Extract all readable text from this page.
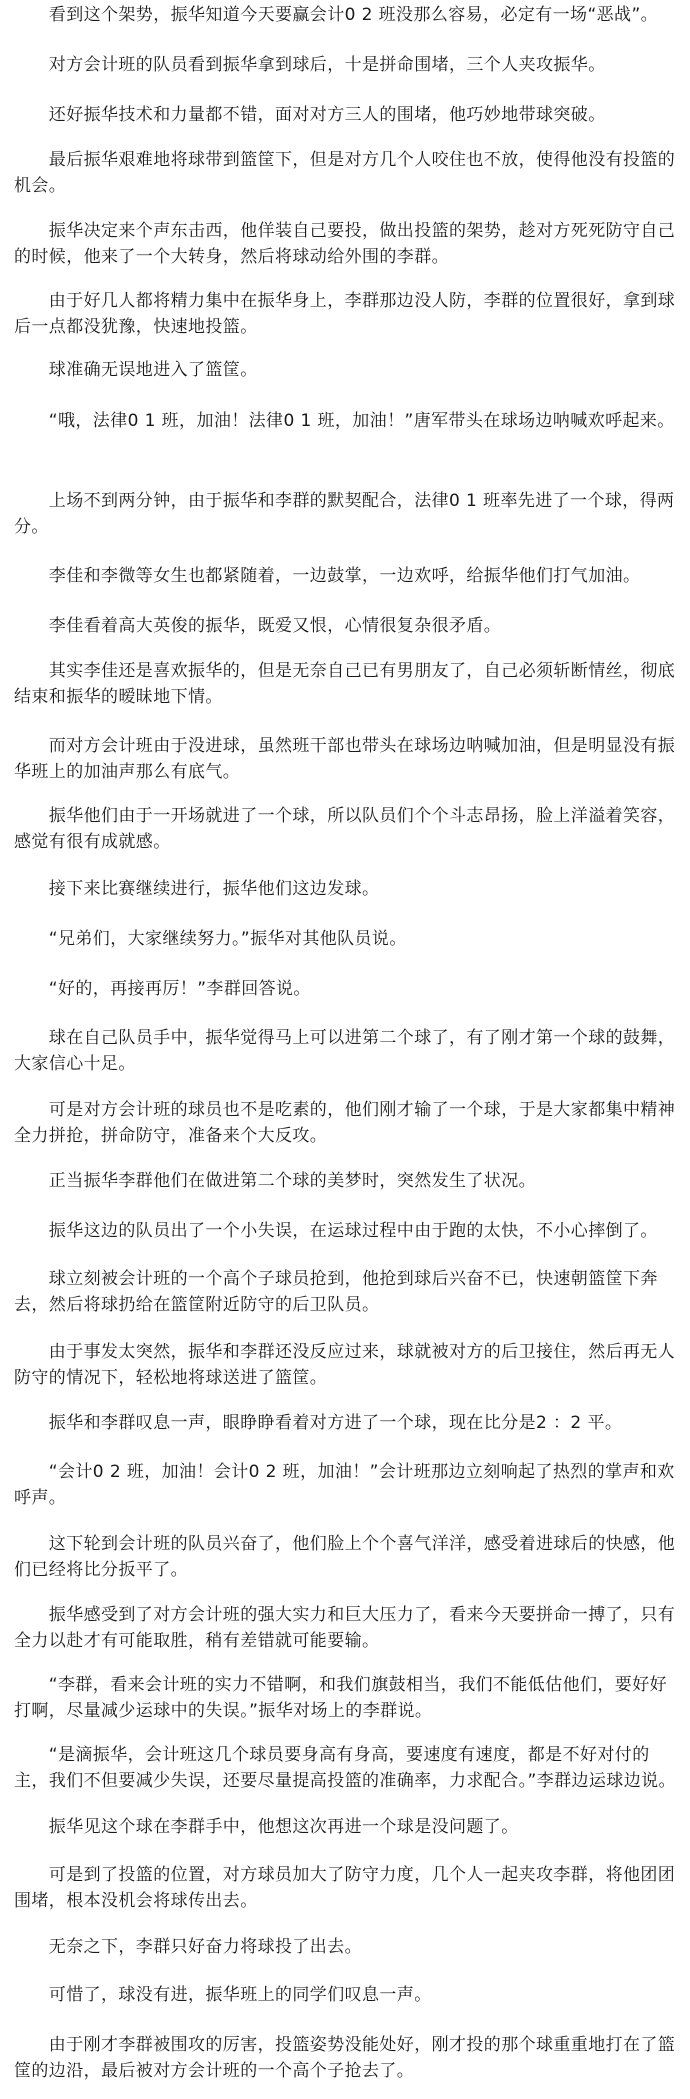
　　看到这个架势，振华知道今天要赢会计0 2 班没那么容易，必定有一场“恶战”。

　　对方会计班的队员看到振华拿到球后，十是拼命围堵，三个人夹攻振华。

　　还好振华技术和力量都不错，面对对方三人的围堵，他巧妙地带球突破。

　　最后振华艰难地将球带到篮筐下，但是对方几个人咬住也不放，使得他没有投篮的机会。

　　振华决定来个声东击西，他佯装自己要投，做出投篮的架势，趁对方死死防守自己的时候，他来了一个大转身，然后将球动给外围的李群。

　　由于好几人都将精力集中在振华身上，李群那边没人防，李群的位置很好，拿到球后一点都没犹豫，快速地投篮。

　　球准确无误地进入了篮筐。

　　“哦，法律0 1 班，加油！法律0 1 班，加油！”唐军带头在球场边呐喊欢呼起来。

　　上场不到两分钟，由于振华和李群的默契配合，法律0 1 班率先进了一个球，得两分。

　　李佳和李微等女生也都紧随着，一边鼓掌，一边欢呼，给振华他们打气加油。

　　李佳看着高大英俊的振华，既爱又恨，心情很复杂很矛盾。

　　其实李佳还是喜欢振华的，但是无奈自己已有男朋友了，自己必须斩断情丝，彻底结束和振华的暧昧地下情。

　　而对方会计班由于没进球，虽然班干部也带头在球场边呐喊加油，但是明显没有振华班上的加油声那么有底气。

　　振华他们由于一开场就进了一个球，所以队员们个个斗志昂扬，脸上洋溢着笑容，感觉有很有成就感。

　　接下来比赛继续进行，振华他们这边发球。

　　“兄弟们，大家继续努力。”振华对其他队员说。

　　“好的，再接再厉！”李群回答说。

　　球在自己队员手中，振华觉得马上可以进第二个球了，有了刚才第一个球的鼓舞，大家信心十足。

　　可是对方会计班的球员也不是吃素的，他们刚才输了一个球，于是大家都集中精神全力拼抢，拼命防守，准备来个大反攻。

　　正当振华李群他们在做进第二个球的美梦时，突然发生了状况。

　　振华这边的队员出了一个小失误，在运球过程中由于跑的太快，不小心摔倒了。

　　球立刻被会计班的一个高个子球员抢到，他抢到球后兴奋不已，快速朝篮筐下奔去，然后将球扔给在篮筐附近防守的后卫队员。

　　由于事发太突然，振华和李群还没反应过来，球就被对方的后卫接住，然后再无人防守的情况下，轻松地将球送进了篮筐。

　　振华和李群叹息一声，眼睁睁看着对方进了一个球，现在比分是2 ：2 平。

　　“会计0 2 班，加油！会计0 2 班，加油！”会计班那边立刻响起了热烈的掌声和欢呼声。

　　这下轮到会计班的队员兴奋了，他们脸上个个喜气洋洋，感受着进球后的快感，他们已经将比分扳平了。

　　振华感受到了对方会计班的强大实力和巨大压力了，看来今天要拼命一搏了，只有全力以赴才有可能取胜，稍有差错就可能要输。

　　“李群，看来会计班的实力不错啊，和我们旗鼓相当，我们不能低估他们，要好好打啊，尽量减少运球中的失误。”振华对场上的李群说。

　　“是滴振华，会计班这几个球员要身高有身高，要速度有速度，都是不好对付的主，我们不但要减少失误，还要尽量提高投篮的准确率，力求配合。”李群边运球边说。

　　振华见这个球在李群手中，他想这次再进一个球是没问题了。

　　可是到了投篮的位置，对方球员加大了防守力度，几个人一起夹攻李群，将他团团围堵，根本没机会将球传出去。

　　无奈之下，李群只好奋力将球投了出去。

　　可惜了，球没有进，振华班上的同学们叹息一声。

　　由于刚才李群被围攻的厉害，投篮姿势没能处好，刚才投的那个球重重地打在了篮筐的边沿，最后被对方会计班的一个高个子抢去了。
